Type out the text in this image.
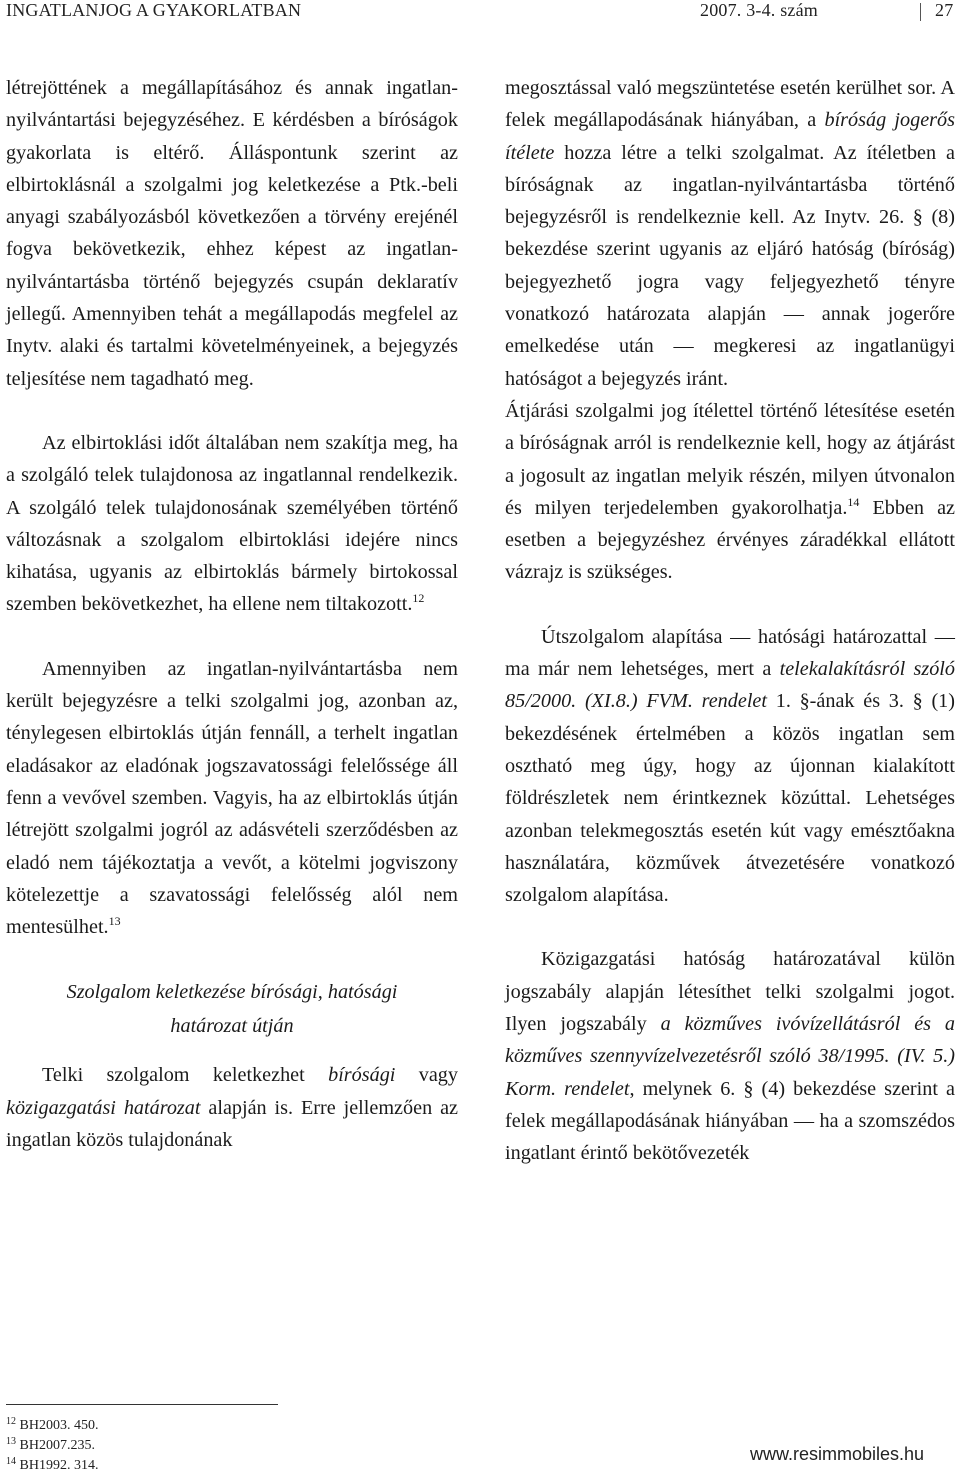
INGATLANJOG A GYAKORLATBAN	2007. 3-4. szám	27

létrejöttének a megállapításához és annak ingatlan-nyilvántartási bejegyzéséhez. E kérdésben a bíróságok gyakorlata is eltérő. Álláspontunk szerint az elbirtoklásnál a szolgalmi jog keletkezése a Ptk.-beli anyagi szabályozásból következően a törvény erejénél fogva bekövetkezik, ehhez képest az ingatlan-nyilvántartásba történő bejegyzés csupán deklaratív jellegű. Amennyiben tehát a megállapodás megfelel az Inytv. alaki és tartalmi követelményeinek, a bejegyzés teljesítése nem tagadható meg.

Az elbirtoklási időt általában nem szakítja meg, ha a szolgáló telek tulajdonosa az ingatlannal rendelkezik. A szolgáló telek tulajdonosának személyében történő változásnak a szolgalom elbirtoklási idejére nincs kihatása, ugyanis az elbirtoklás bármely birtokossal szemben bekövetkezhet, ha ellene nem tiltakozott.$^{12}$

Amennyiben az ingatlan-nyilvántartásba nem került bejegyzésre a telki szolgalmi jog, azonban az, ténylegesen elbirtoklás útján fennáll, a terhelt ingatlan eladásakor az eladónak jogszavatossági felelőssége áll fenn a vevővel szemben. Vagyis, ha az elbirtoklás útján létrejött szolgalmi jogról az adásvételi szerződésben az eladó nem tájékoztatja a vevőt, a kötelmi jogviszony kötelezettje a szavatossági felelősség alól nem mentesülhet.$^{13}$

Szolgalom keletkezése bírósági, hatósági
határozat útján

Telki szolgalom keletkezhet bírósági vagy közigazgatási határozat alapján is. Erre jellemzően az ingatlan közös tulajdonának

megosztással való megszüntetése esetén kerülhet sor. A felek megállapodásának hiányában, a bíróság jogerős ítélete hozza létre a telki szolgalmat. Az ítéletben a bíróságnak az ingatlan-nyilvántartásba történő bejegyzésről is rendelkeznie kell. Az Inytv. 26. § (8) bekezdése szerint ugyanis az eljáró hatóság (bíróság) bejegyezhető jogra vagy feljegyezhető tényre vonatkozó határozata alapján — annak jogerőre emelkedése után — megkeresi az ingatlanügyi hatóságot a bejegyzés iránt.

Átjárási szolgalmi jog ítélettel történő létesítése esetén a bíróságnak arról is rendelkeznie kell, hogy az átjárást a jogosult az ingatlan melyik részén, milyen útvonalon és milyen terjedelemben gyakorolhatja.$^{14}$ Ebben az esetben a bejegyzéshez érvényes záradékkal ellátott vázrajz is szükséges.

Útszolgalom alapítása — hatósági határozattal — ma már nem lehetséges, mert a telekalakításról szóló 85/2000. (XI.8.) FVM. rendelet 1. §-ának és 3. § (1) bekezdésének értelmében a közös ingatlan sem osztható meg úgy, hogy az újonnan kialakított földrészletek nem érintkeznek közúttal. Lehetséges azonban telekmegosztás esetén kút vagy emésztőakna használatára, közművek átvezetésére vonatkozó szolgalom alapítása.

Közigazgatási hatóság határozatával külön jogszabály alapján létesíthet telki szolgalmi jogot. Ilyen jogszabály a közműves ivóvízellátásról és a közműves szennyvízelvezetésről szóló 38/1995. (IV. 5.) Korm. rendelet, melynek 6. § (4) bekezdése szerint a felek megállapodásának hiányában — ha a szomszédos ingatlant érintő bekötővezeték

$^{12}$ BH2003. 450.
$^{13}$ BH2007.235.
$^{14}$ BH1992. 314.
www.resimmobiles.hu
